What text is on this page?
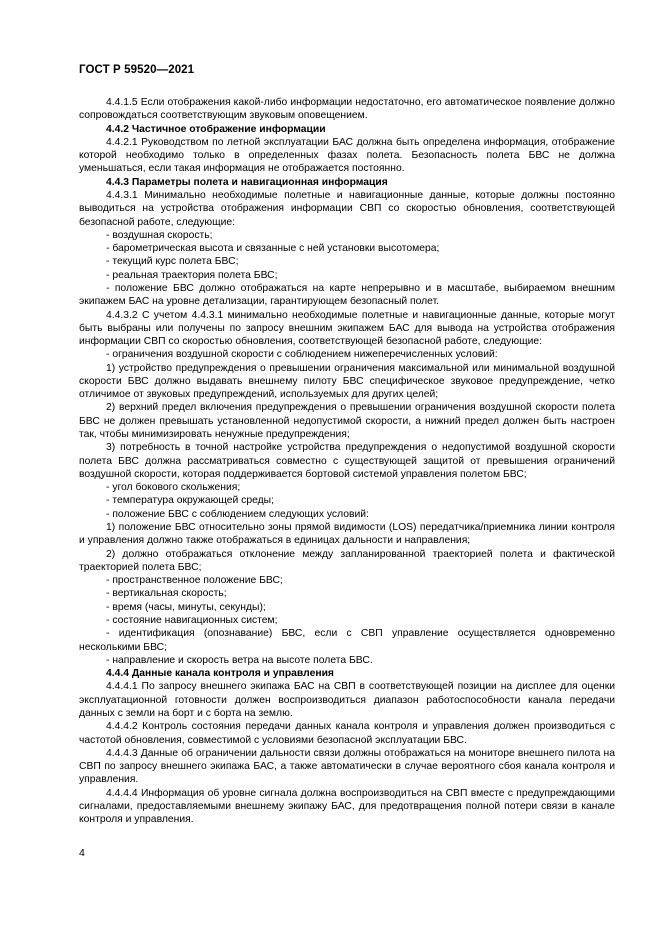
ГОСТ Р 59520—2021

4.4.1.5 Если отображения какой-либо информации недостаточно, его автоматическое появление должно сопровождаться соответствующим звуковым оповещением.

4.4.2 Частичное отображение информации

4.4.2.1 Руководством по летной эксплуатации БАС должна быть определена информация, отображение которой необходимо только в определенных фазах полета. Безопасность полета БВС не должна уменьшаться, если такая информация не отображается постоянно.

4.4.3 Параметры полета и навигационная информация

4.4.3.1 Минимально необходимые полетные и навигационные данные, которые должны постоянно выводиться на устройства отображения информации СВП со скоростью обновления, соответствующей безопасной работе, следующие:

- воздушная скорость;

- барометрическая высота и связанные с ней установки высотомера;

- текущий курс полета БВС;

- реальная траектория полета БВС;

- положение БВС должно отображаться на карте непрерывно и в масштабе, выбираемом внешним экипажем БАС на уровне детализации, гарантирующем безопасный полет.

4.4.3.2 С учетом 4.4.3.1 минимально необходимые полетные и навигационные данные, которые могут быть выбраны или получены по запросу внешним экипажем БАС для вывода на устройства отображения информации СВП со скоростью обновления, соответствующей безопасной работе, следующие:

- ограничения воздушной скорости с соблюдением нижеперечисленных условий:

1) устройство предупреждения о превышении ограничения максимальной или минимальной воздушной скорости БВС должно выдавать внешнему пилоту БВС специфическое звуковое предупреждение, четко отличимое от звуковых предупреждений, используемых для других целей;

2) верхний предел включения предупреждения о превышении ограничения воздушной скорости полета БВС не должен превышать установленной недопустимой скорости, а нижний предел должен быть настроен так, чтобы минимизировать ненужные предупреждения;

3) потребность в точной настройке устройства предупреждения о недопустимой воздушной скорости полета БВС должна рассматриваться совместно с существующей защитой от превышения ограничений воздушной скорости, которая поддерживается бортовой системой управления полетом БВС;

- угол бокового скольжения;

- температура окружающей среды;

- положение БВС с соблюдением следующих условий:

1) положение БВС относительно зоны прямой видимости (LOS) передатчика/приемника линии контроля и управления должно также отображаться в единицах дальности и направления;

2) должно отображаться отклонение между запланированной траекторией полета и фактической траекторией полета БВС;

- пространственное положение БВС;

- вертикальная скорость;

- время (часы, минуты, секунды);

- состояние навигационных систем;

- идентификация (опознавание) БВС, если с СВП управление осуществляется одновременно несколькими БВС;

- направление и скорость ветра на высоте полета БВС.

4.4.4 Данные канала контроля и управления

4.4.4.1 По запросу внешнего экипажа БАС на СВП в соответствующей позиции на дисплее для оценки эксплуатационной готовности должен воспроизводиться диапазон работоспособности канала передачи данных с земли на борт и с борта на землю.

4.4.4.2 Контроль состояния передачи данных канала контроля и управления должен производиться с частотой обновления, совместимой с условиями безопасной эксплуатации БВС.

4.4.4.3 Данные об ограничении дальности связи должны отображаться на мониторе внешнего пилота на СВП по запросу внешнего экипажа БАС, а также автоматически в случае вероятного сбоя канала контроля и управления.

4.4.4.4 Информация об уровне сигнала должна воспроизводиться на СВП вместе с предупреждающими сигналами, предоставляемыми внешнему экипажу БАС, для предотвращения полной потери связи в канале контроля и управления.

4
